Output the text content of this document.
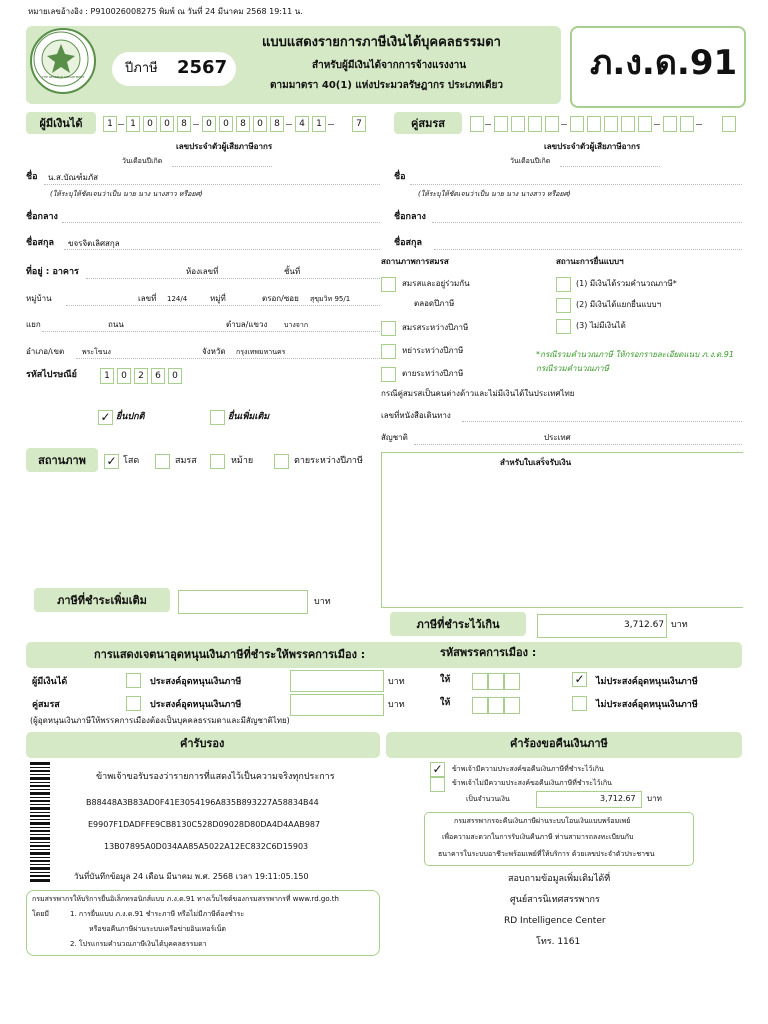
หมายเลขอ้างอิง : P910026008275 พิมพ์ ณ วันที่ 24 มีนาคม 2568 19:11 น.
THE REVENUE DEPARTMENT
ปีภาษี 2567
แบบแสดงรายการภาษีเงินได้บุคคลธรรมดา
สำหรับผู้มีเงินได้จากการจ้างแรงงาน
ตามมาตรา 40(1) แห่งประมวลรัษฎากร ประเภทเดียว
ภ.ง.ด.91
ผู้มีเงินได้	1	1	0	0	8	0	0	8	0	8	4	1	7
เลขประจำตัวผู้เสียภาษีอากร
วันเดือนปีเกิด
คู่สมรส
เลขประจำตัวผู้เสียภาษีอากร
วันเดือนปีเกิด
ชื่อ น.ส.บัณฑ์มภัส
(ให้ระบุให้ชัดเจนว่าเป็น นาย นาง นางสาว หรือยศ)
ชื่อกลาง
ชื่อสกุล ขจรจิตเลิศสกุล
ที่อยู่ : อาคาร	ห้องเลขที่	ชั้นที่
หมู่บ้าน	เลขที่ 124/4	หมู่ที่	ตรอก/ซอย สุขุมวิท 95/1
แยก	ถนน	ตำบล/แขวง บางจาก
อำเภอ/เขต	พระโขนง	จังหวัด กรุงเทพมหานคร
รหัสไปรษณีย์	1	0	2	6	0
✓ ยื่นปกติ	ยื่นเพิ่มเติม
สถานภาพ	✓ โสด	สมรส	หม้าย	ตายระหว่างปีภาษี
ชื่อ
(ให้ระบุให้ชัดเจนว่าเป็น นาย นาง นางสาว หรือยศ)
ชื่อกลาง
ชื่อสกุล
สถานภาพการสมรส	สถานะการยื่นแบบฯ
สมรสและอยู่ร่วมกัน
ตลอดปีภาษี
สมรสระหว่างปีภาษี
หย่าระหว่างปีภาษี
ตายระหว่างปีภาษี
(1) มีเงินได้รวมคำนวณภาษี*
(2) มีเงินได้แยกยื่นแบบฯ
(3) ไม่มีเงินได้
*กรณีรวมคำนวณภาษี ให้กรอกรายละเอียดแนบ ภ.ง.ด.91 กรณีรวมคำนวณภาษี
กรณีคู่สมรสเป็นคนต่างด้าวและไม่มีเงินได้ในประเทศไทย
เลขที่หนังสือเดินทาง
สัญชาติ	ประเทศ
สำหรับใบเสร็จรับเงิน
ภาษีที่ชำระเพิ่มเติม	บาท
ภาษีที่ชำระไว้เกิน	3,712.67 บาท
การแสดงเจตนาอุดหนุนเงินภาษีที่ชำระให้พรรคการเมือง :	รหัสพรรคการเมือง :
ผู้มีเงินได้	ประสงค์อุดหนุนเงินภาษี	บาท	ให้	✓ ไม่ประสงค์อุดหนุนเงินภาษี
คู่สมรส	ประสงค์อุดหนุนเงินภาษี	บาท	ให้	ไม่ประสงค์อุดหนุนเงินภาษี
(ผู้อุดหนุนเงินภาษีให้พรรคการเมืองต้องเป็นบุคคลธรรมดาและมีสัญชาติไทย)
คำรับรอง
ข้าพเจ้าขอรับรองว่ารายการที่แสดงไว้เป็นความจริงทุกประการ
B88448A3B83AD0F41E3054196A835B893227A58834B44
E9907F1DADFFE9CB8130C528D09028D80DA4D4AAB987
13B07895A0D034AA85A5022A12EC832C6D15903
วันที่บันทึกข้อมูล 24 เดือน มีนาคม พ.ศ. 2568 เวลา 19:11:05.150
กรมสรรพากรให้บริการยื่นอิเล็กทรอนิกส์แบบ ภ.ง.ด.91 ทางเว็บไซต์ของกรมสรรพากรที่ www.rd.go.th
โดยมี	1. การยื่นแบบ ภ.ง.ด.91 ชำระภาษี หรือไม่มีภาษีต้องชำระ
หรือขอคืนภาษีผ่านระบบเครือข่ายอินเทอร์เน็ต
2. โปรแกรมคำนวณภาษีเงินได้บุคคลธรรมดา
คำร้องขอคืนเงินภาษี
✓	ข้าพเจ้ามีความประสงค์ขอคืนเงินภาษีที่ชำระไว้เกิน
ข้าพเจ้าไม่มีความประสงค์ขอคืนเงินภาษีที่ชำระไว้เกิน
เป็นจำนวนเงิน	3,712.67 บาท
กรมสรรพากรจะคืนเงินภาษีผ่านระบบโอนเงินแบบพร้อมเพย์
เพื่อความสะดวกในการรับเงินคืนภาษี ท่านสามารถลงทะเบียนกับ
ธนาคารในระบบอาชีวะพร้อมเพย์ที่ให้บริการ ด้วยเลขประจำตัวประชาชน
สอบถามข้อมูลเพิ่มเติมได้ที่
ศูนย์สารนิเทศสรรพากร
RD Intelligence Center
โทร. 1161
